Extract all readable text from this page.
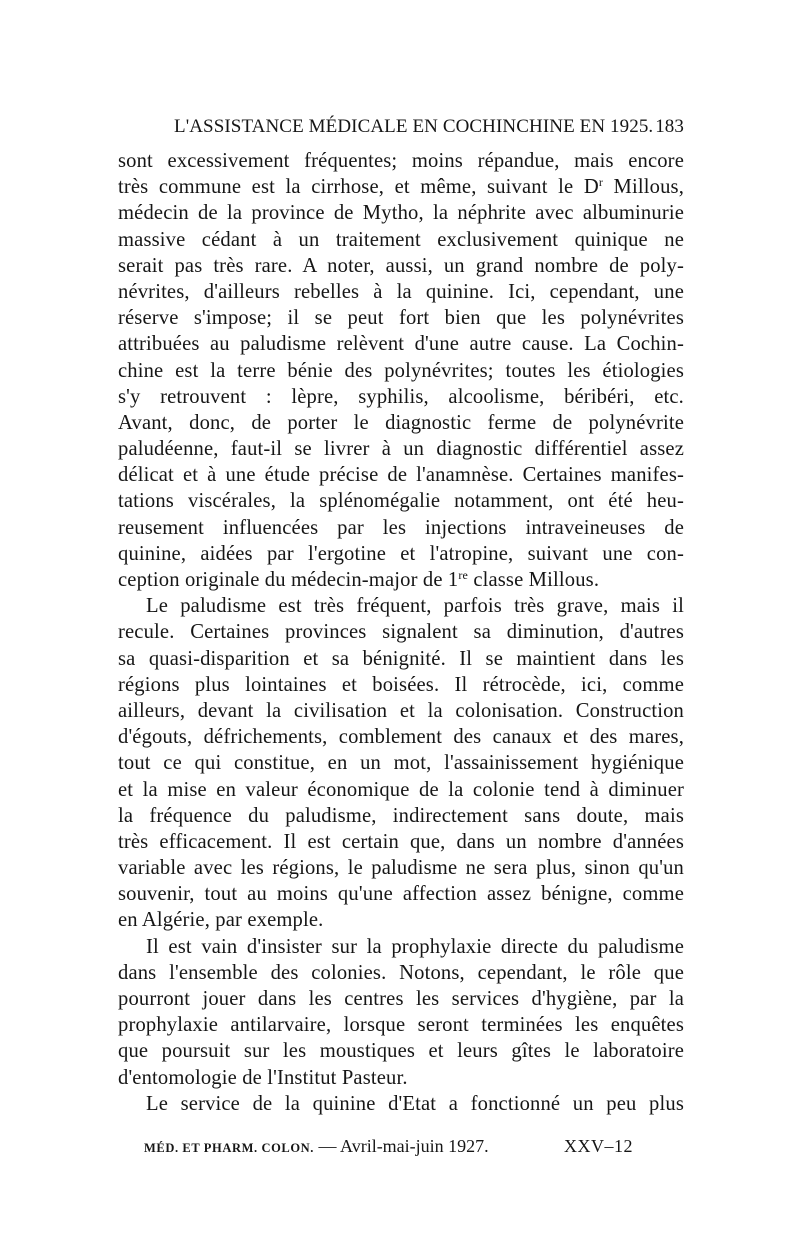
L'ASSISTANCE MÉDICALE EN COCHINCHINE EN 1925. 183
sont excessivement fréquentes; moins répandue, mais encore
très commune est la cirrhose, et même, suivant le $D^r$ Millous,
médecin de la province de Mytho, la néphrite avec albuminurie
massive cédant à un traitement exclusivement quinique ne
serait pas très rare. A noter, aussi, un grand nombre de poly-
névrites, d'ailleurs rebelles à la quinine. Ici, cependant, une
réserve s'impose; il se peut fort bien que les polynévrites
attribuées au paludisme relèvent d'une autre cause. La Cochin-
chine est la terre bénie des polynévrites; toutes les étiologies
s'y retrouvent : lèpre, syphilis, alcoolisme, béribéri, etc.
Avant, donc, de porter le diagnostic ferme de polynévrite
paludéenne, faut-il se livrer à un diagnostic différentiel assez
délicat et à une étude précise de l'anamnèse. Certaines manifes-
tations viscérales, la splénomégalie notamment, ont été heu-
reusement influencées par les injections intraveineuses de
quinine, aidées par l'ergotine et l'atropine, suivant une con-
ception originale du médecin-major de 1re classe Millous.
Le paludisme est très fréquent, parfois très grave, mais il
recule. Certaines provinces signalent sa diminution, d'autres
sa quasi-disparition et sa bénignité. Il se maintient dans les
régions plus lointaines et boisées. Il rétrocède, ici, comme
ailleurs, devant la civilisation et la colonisation. Construction
d'égouts, défrichements, comblement des canaux et des mares,
tout ce qui constitue, en un mot, l'assainissement hygiénique
et la mise en valeur économique de la colonie tend à diminuer
la fréquence du paludisme, indirectement sans doute, mais
très efficacement. Il est certain que, dans un nombre d'années
variable avec les régions, le paludisme ne sera plus, sinon qu'un
souvenir, tout au moins qu'une affection assez bénigne, comme
en Algérie, par exemple.
Il est vain d'insister sur la prophylaxie directe du paludisme
dans l'ensemble des colonies. Notons, cependant, le rôle que
pourront jouer dans les centres les services d'hygiène, par la
prophylaxie antilarvaire, lorsque seront terminées les enquêtes
que poursuit sur les moustiques et leurs gîtes le laboratoire
d'entomologie de l'Institut Pasteur.
Le service de la quinine d'Etat a fonctionné un peu plus
MÉD. ET PHARM. COLON. — Avril-mai-juin 1927.	XXV–12
